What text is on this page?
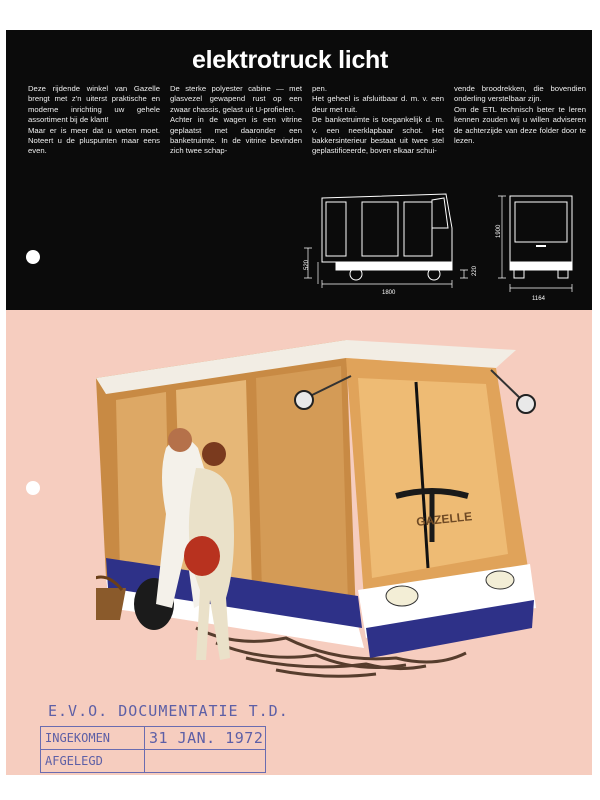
elektrotruck licht

Deze rijdende winkel van Gazelle brengt met z'n uiterst praktische en moderne inrichting uw gehele assortiment bij de klant!

Maar er is meer dat u weten moet. Noteert u de pluspunten maar eens even.

De sterke polyester cabine — met glasvezel gewapend rust op een zwaar chassis, gelast uit U-profielen.

Achter in de wagen is een vitrine geplaatst met daaronder een banketruimte. In de vitrine bevinden zich twee schap-

pen.

Het geheel is afsluitbaar d. m. v. een deur met ruit.

De banketruimte is toegankelijk d. m. v. een neerklapbaar schot. Het bakkersinterieur bestaat uit twee stel geplastificeerde, boven elkaar schui-

vende broodrekken, die bovendien onderling verstelbaar zijn.

Om de ETL technisch beter te leren kennen zouden wij u willen adviseren de achterzijde van deze folder door te lezen.

1800
520
220
1900
1164
GAZELLE
E.V.O. DOCUMENTATIE T.D.
INGEKOMEN	31 JAN. 1972
AFGELEGD
